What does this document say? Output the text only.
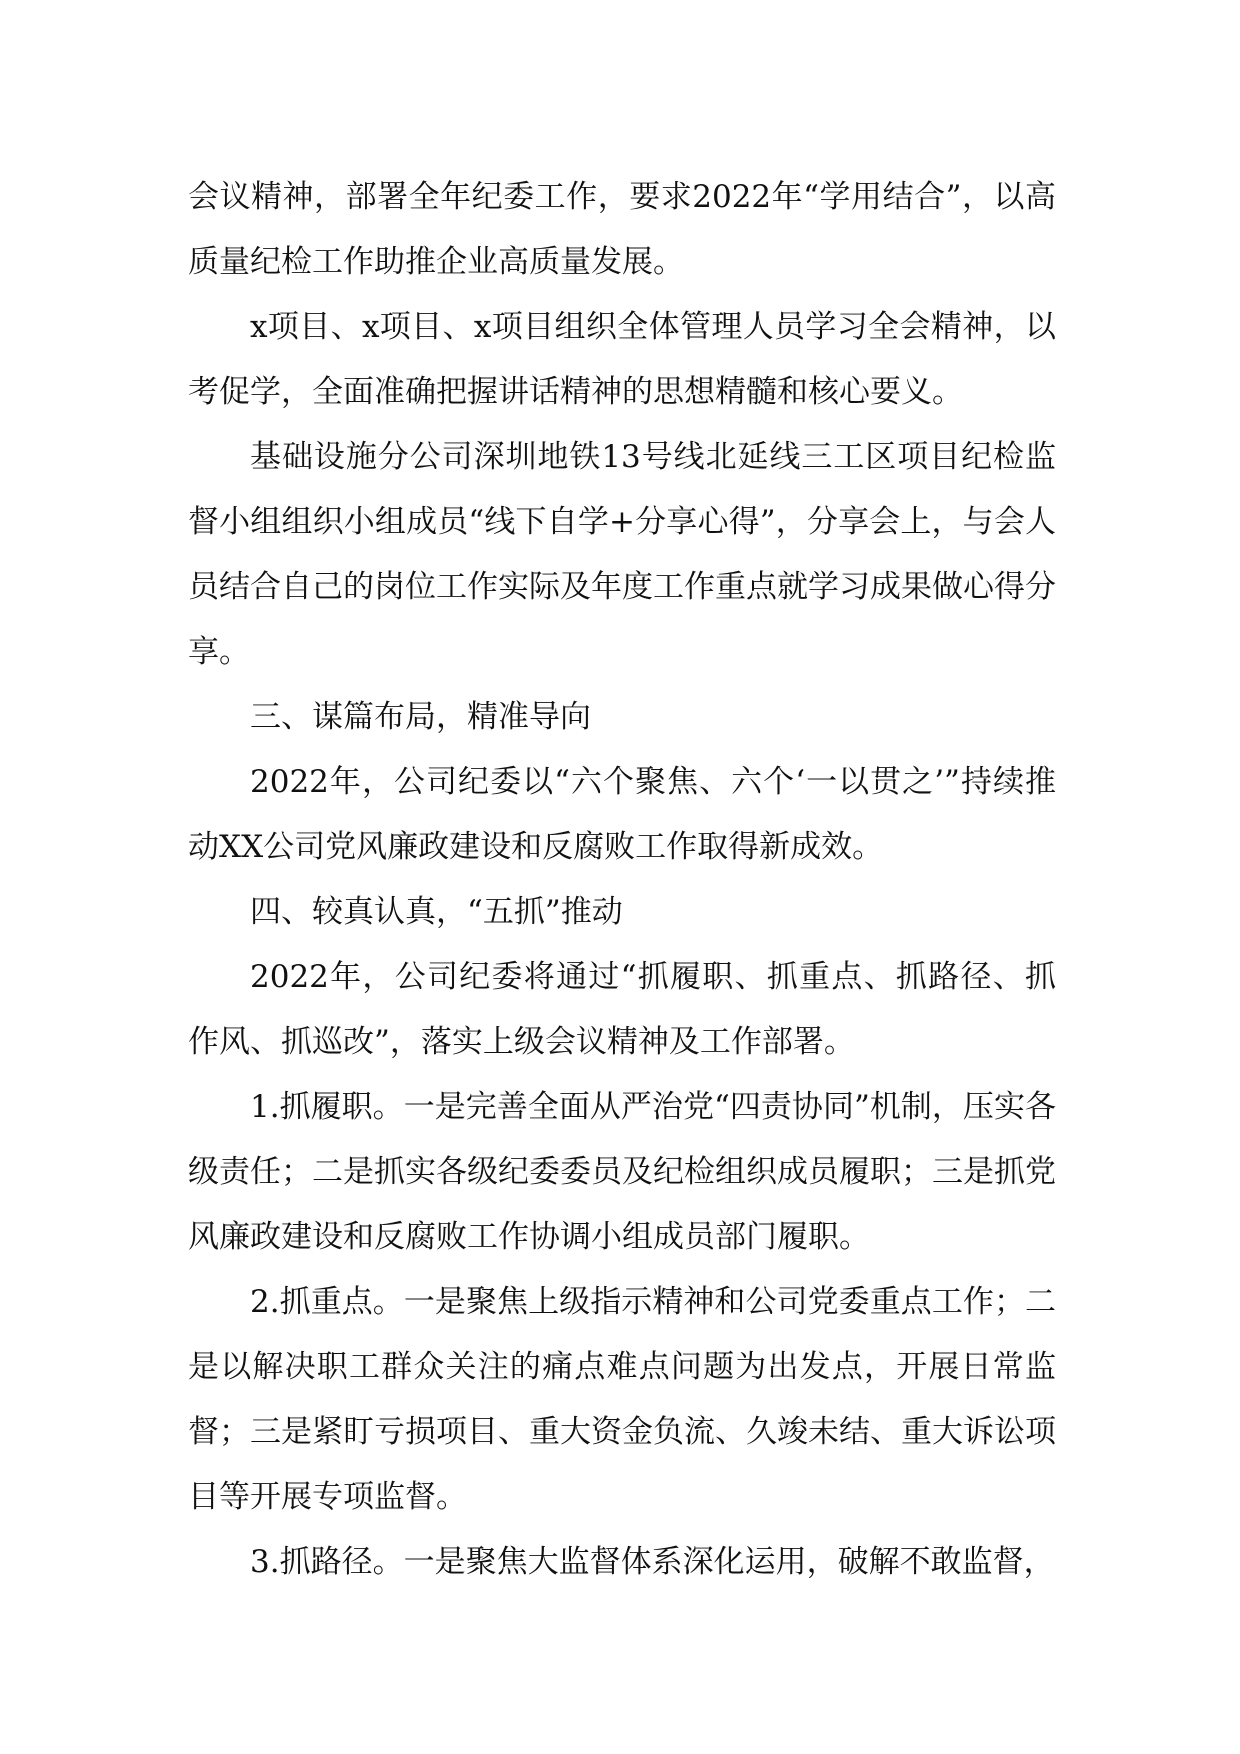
会议精神，部署全年纪委工作，要求2022年“学用结合”，以高质量纪检工作助推企业高质量发展。

x项目、x项目、x项目组织全体管理人员学习全会精神，以考促学，全面准确把握讲话精神的思想精髓和核心要义。

基础设施分公司深圳地铁13号线北延线三工区项目纪检监督小组组织小组成员“线下自学+分享心得”，分享会上，与会人员结合自己的岗位工作实际及年度工作重点就学习成果做心得分享。

三、谋篇布局，精准导向

2022年，公司纪委以“六个聚焦、六个‘一以贯之’”持续推动XX公司党风廉政建设和反腐败工作取得新成效。

四、较真认真，“五抓”推动

2022年，公司纪委将通过“抓履职、抓重点、抓路径、抓作风、抓巡改”，落实上级会议精神及工作部署。

1.抓履职。一是完善全面从严治党“四责协同”机制，压实各级责任；二是抓实各级纪委委员及纪检组织成员履职；三是抓党风廉政建设和反腐败工作协调小组成员部门履职。

2.抓重点。一是聚焦上级指示精神和公司党委重点工作；二是以解决职工群众关注的痛点难点问题为出发点，开展日常监督；三是紧盯亏损项目、重大资金负流、久竣未结、重大诉讼项目等开展专项监督。

3.抓路径。一是聚焦大监督体系深化运用，破解不敢监督，
